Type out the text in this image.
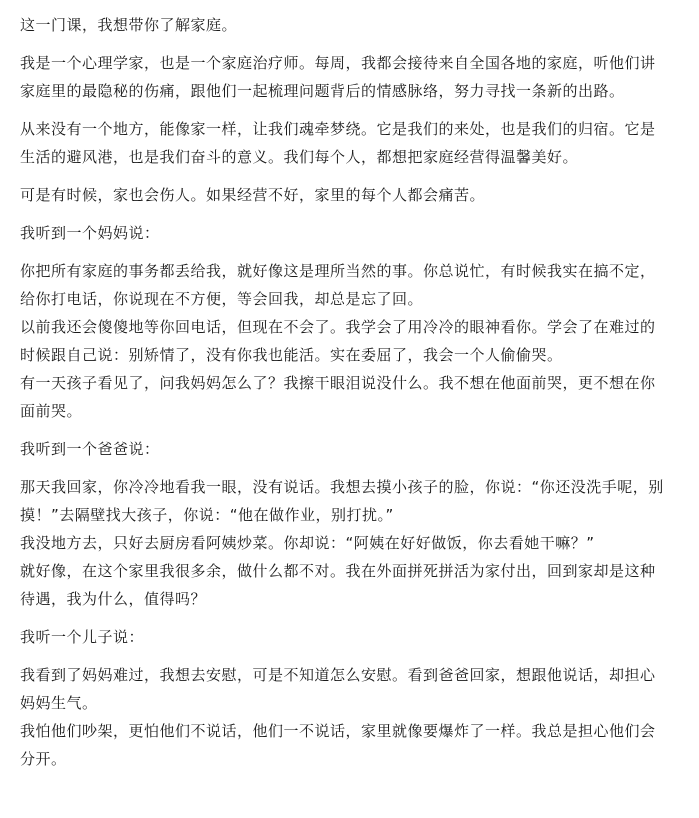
这一门课，我想带你了解家庭。

我是一个心理学家，也是一个家庭治疗师。每周，我都会接待来自全国各地的家庭，听他们讲
家庭里的最隐秘的伤痛，跟他们一起梳理问题背后的情感脉络，努力寻找一条新的出路。

从来没有一个地方，能像家一样，让我们魂牵梦绕。它是我们的来处，也是我们的归宿。它是
生活的避风港，也是我们奋斗的意义。我们每个人，都想把家庭经营得温馨美好。

可是有时候，家也会伤人。如果经营不好，家里的每个人都会痛苦。

我听到一个妈妈说：

你把所有家庭的事务都丢给我，就好像这是理所当然的事。你总说忙，有时候我实在搞不定，
给你打电话，你说现在不方便，等会回我，却总是忘了回。
以前我还会傻傻地等你回电话，但现在不会了。我学会了用冷冷的眼神看你。学会了在难过的
时候跟自己说：别矫情了，没有你我也能活。实在委屈了，我会一个人偷偷哭。
有一天孩子看见了，问我妈妈怎么了？我擦干眼泪说没什么。我不想在他面前哭，更不想在你
面前哭。

我听到一个爸爸说：

那天我回家，你冷冷地看我一眼，没有说话。我想去摸小孩子的脸，你说：“你还没洗手呢，别
摸！”去隔壁找大孩子，你说：“他在做作业，别打扰。”
我没地方去，只好去厨房看阿姨炒菜。你却说：“阿姨在好好做饭，你去看她干嘛？”
就好像，在这个家里我很多余，做什么都不对。我在外面拼死拼活为家付出，回到家却是这种
待遇，我为什么，值得吗？

我听一个儿子说：

我看到了妈妈难过，我想去安慰，可是不知道怎么安慰。看到爸爸回家，想跟他说话，却担心
妈妈生气。
我怕他们吵架，更怕他们不说话，他们一不说话，家里就像要爆炸了一样。我总是担心他们会
分开。
